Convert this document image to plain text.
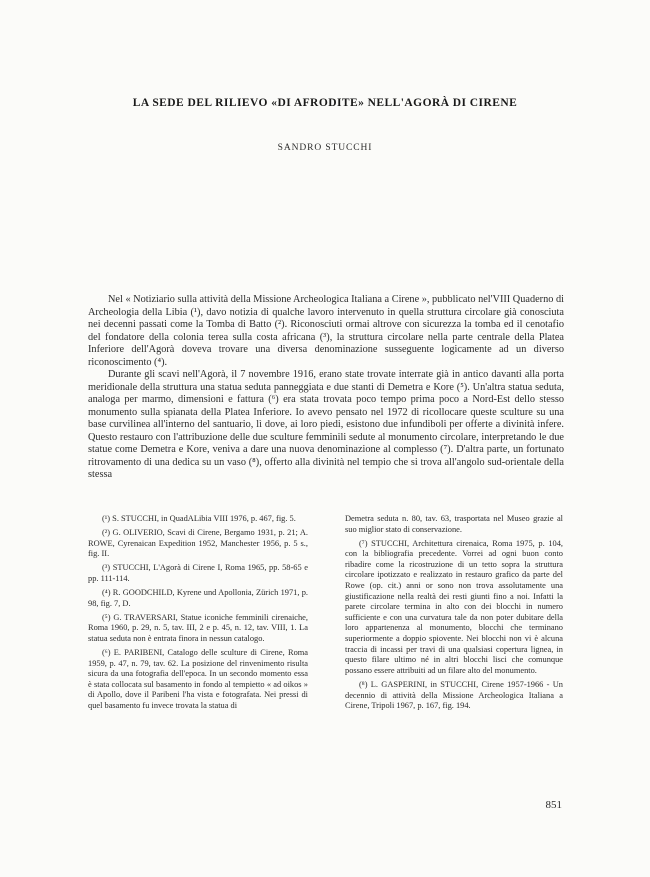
LA SEDE DEL RILIEVO «DI AFRODITE» NELL'AGORÀ DI CIRENE
SANDRO STUCCHI

Nel « Notiziario sulla attività della Missione Archeologica Italiana a Cirene », pubblicato nel'VIII Quaderno di Archeologia della Libia (¹), davo notizia di qualche lavoro intervenuto in quella struttura circolare già conosciuta nei decenni passati come la Tomba di Batto (²). Riconosciuti ormai altrove con sicurezza la tomba ed il cenotafio del fondatore della colonia terea sulla costa africana (³), la struttura circolare nella parte centrale della Platea Inferiore dell'Agorà doveva trovare una diversa denominazione susseguente logicamente ad un diverso riconoscimento (⁴).

Durante gli scavi nell'Agorà, il 7 novembre 1916, erano state trovate interrate già in antico davanti alla porta meridionale della struttura una statua seduta panneggiata e due stanti di Demetra e Kore (⁵). Un'altra statua seduta, analoga per marmo, dimensioni e fattura (⁶) era stata trovata poco tempo prima poco a Nord-Est dello stesso monumento sulla spianata della Platea Inferiore. Io avevo pensato nel 1972 di ricollocare queste sculture su una base curvilinea all'interno del santuario, lì dove, ai loro piedi, esistono due infundiboli per offerte a divinità infere. Questo restauro con l'attribuzione delle due sculture femminili sedute al monumento circolare, interpretando le due statue come Demetra e Kore, veniva a dare una nuova denominazione al complesso (⁷). D'altra parte, un fortunato ritrovamento di una dedica su un vaso (⁸), offerto alla divinità nel tempio che si trova all'angolo sud-orientale della stessa

(¹) S. STUCCHI, in QuadALibia VIII 1976, p. 467, fig. 5.
(²) G. OLIVERIO, Scavi di Cirene, Bergamo 1931, p. 21; A. ROWE, Cyrenaican Expedition 1952, Manchester 1956, p. 5 s., fig. II.
(³) STUCCHI, L'Agorà di Cirene I, Roma 1965, pp. 58-65 e pp. 111-114.
(⁴) R. GOODCHILD, Kyrene und Apollonia, Zürich 1971, p. 98, fig. 7, D.
(⁵) G. TRAVERSARI, Statue iconiche femminili cirenaiche, Roma 1960, p. 29, n. 5, tav. III, 2 e p. 45, n. 12, tav. VIII, 1. La statua seduta non è entrata finora in nessun catalogo.
(⁶) E. PARIBENI, Catalogo delle sculture di Cirene, Roma 1959, p. 47, n. 79, tav. 62. La posizione del rinvenimento risulta sicura da una fotografia dell'epoca. In un secondo momento essa è stata collocata sul basamento in fondo al tempietto « ad oikos » di Apollo, dove il Paribeni l'ha vista e fotografata. Nei pressi di quel basamento fu invece trovata la statua di
Demetra seduta n. 80, tav. 63, trasportata nel Museo grazie al suo miglior stato di conservazione.
(⁷) STUCCHI, Architettura cirenaica, Roma 1975, p. 104, con la bibliografia precedente. Vorrei ad ogni buon conto ribadire come la ricostruzione di un tetto sopra la struttura circolare ipotizzato e realizzato in restauro grafico da parte del Rowe (op. cit.) anni or sono non trova assolutamente una giustificazione nella realtà dei resti giunti fino a noi. Infatti la parete circolare termina in alto con dei blocchi in numero sufficiente e con una curvatura tale da non poter dubitare della loro appartenenza al monumento, blocchi che terminano superiormente a doppio spiovente. Nei blocchi non vi è alcuna traccia di incassi per travi di una qualsiasi copertura lignea, in questo filare ultimo né in altri blocchi lisci che comunque possano essere attribuiti ad un filare alto del monumento.
(⁸) L. GASPERINI, in STUCCHI, Cirene 1957-1966 - Un decennio di attività della Missione Archeologica Italiana a Cirene, Tripoli 1967, p. 167, fig. 194.
851
